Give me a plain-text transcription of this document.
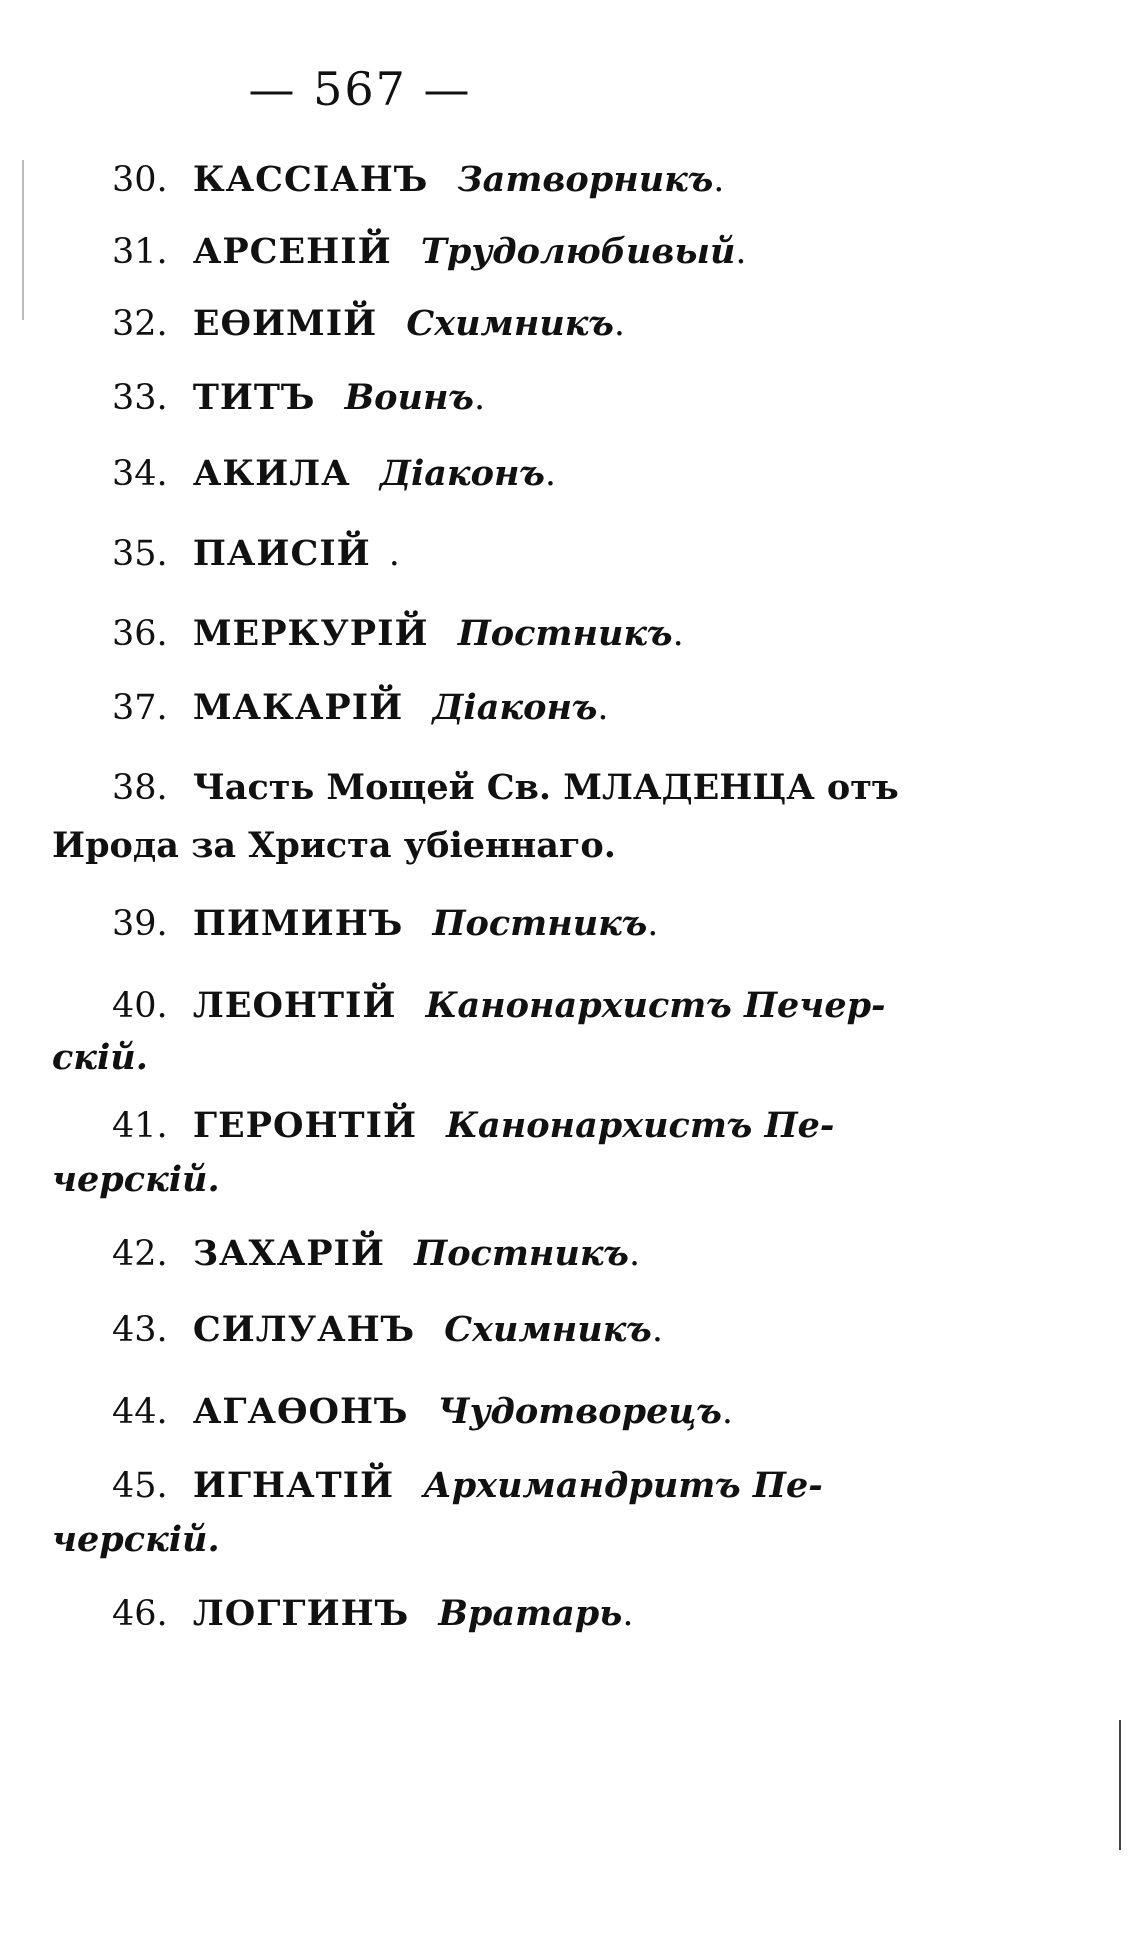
— 567 —
30. КАССІАНЪ Затворникъ.
31. АРСЕНІЙ Трудолюбивый.
32. ЕѲИМІЙ Схимникъ.
33. ТИТЪ Воинъ.
34. АКИЛА Діаконъ.
35. ПАИСІЙ .
36. МЕРКУРІЙ Постникъ.
37. МАКАРІЙ Діаконъ.
38. Часть Мощей Св. МЛАДЕНЦА отъ
Ирода за Христа убіеннаго.
39. ПИМИНЪ Постникъ.
40. ЛЕОНТІЙ Канонархистъ Печер-
скій.
41. ГЕРОНТІЙ Канонархистъ Пе-
черскій.
42. ЗАХАРІЙ Постникъ.
43. СИЛУАНЪ Схимникъ.
44. АГАѲОНЪ Чудотворецъ.
45. ИГНАТІЙ Архимандритъ Пе-
черскій.
46. ЛОГГИНЪ Вратарь.
